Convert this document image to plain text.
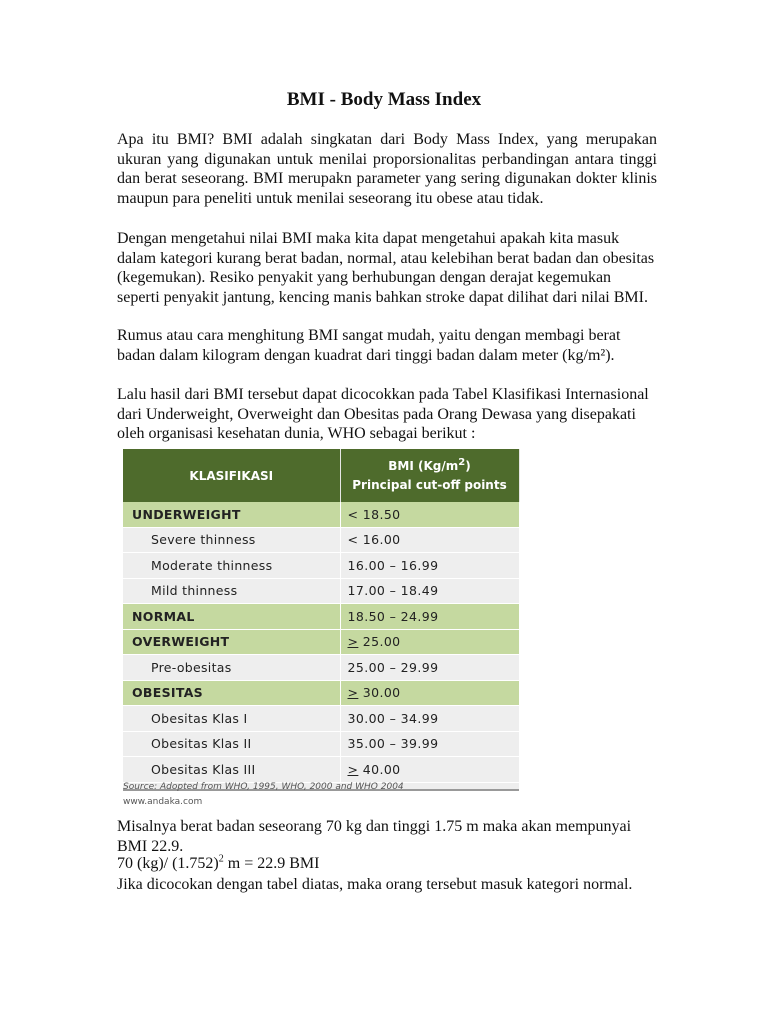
BMI - Body Mass Index

Apa itu BMI? BMI adalah singkatan dari Body Mass Index, yang merupakan ukuran yang digunakan untuk menilai proporsionalitas perbandingan antara tinggi dan berat seseorang. BMI merupakn parameter yang sering digunakan dokter klinis maupun para peneliti untuk menilai seseorang itu obese atau tidak.

Dengan mengetahui nilai BMI maka kita dapat mengetahui apakah kita masuk dalam kategori kurang berat badan, normal, atau kelebihan berat badan dan obesitas (kegemukan). Resiko penyakit yang berhubungan dengan derajat kegemukan seperti penyakit jantung, kencing manis bahkan stroke dapat dilihat dari nilai BMI.

Rumus atau cara menghitung BMI sangat mudah, yaitu dengan membagi berat badan dalam kilogram dengan kuadrat dari tinggi badan dalam meter (kg/m²).

Lalu hasil dari BMI tersebut dapat dicocokkan pada Tabel Klasifikasi Internasional dari Underweight, Overweight dan Obesitas pada Orang Dewasa yang disepakati oleh organisasi kesehatan dunia, WHO sebagai berikut :

KLASIFIKASI	BMI $(Kg/m^2)$
Principal cut-off points
UNDERWEIGHT	< 18.50
Severe thinness	< 16.00
Moderate thinness	16.00 – 16.99
Mild thinness	17.00 – 18.49
NORMAL	18.50 – 24.99
OVERWEIGHT	> 25.00
Pre-obesitas	25.00 – 29.99
OBESITAS	> 30.00
Obesitas Klas I	30.00 – 34.99
Obesitas Klas II	35.00 – 39.99
Obesitas Klas III	> 40.00
Source: Adopted from WHO, 1995, WHO, 2000 and WHO 2004
www.andaka.com

Misalnya berat badan seseorang 70 kg dan tinggi 1.75 m maka akan mempunyai BMI 22.9.

70 (kg)/ $(1.752)^2$ m = 22.9 BMI

Jika dicocokan dengan tabel diatas, maka orang tersebut masuk kategori normal.
